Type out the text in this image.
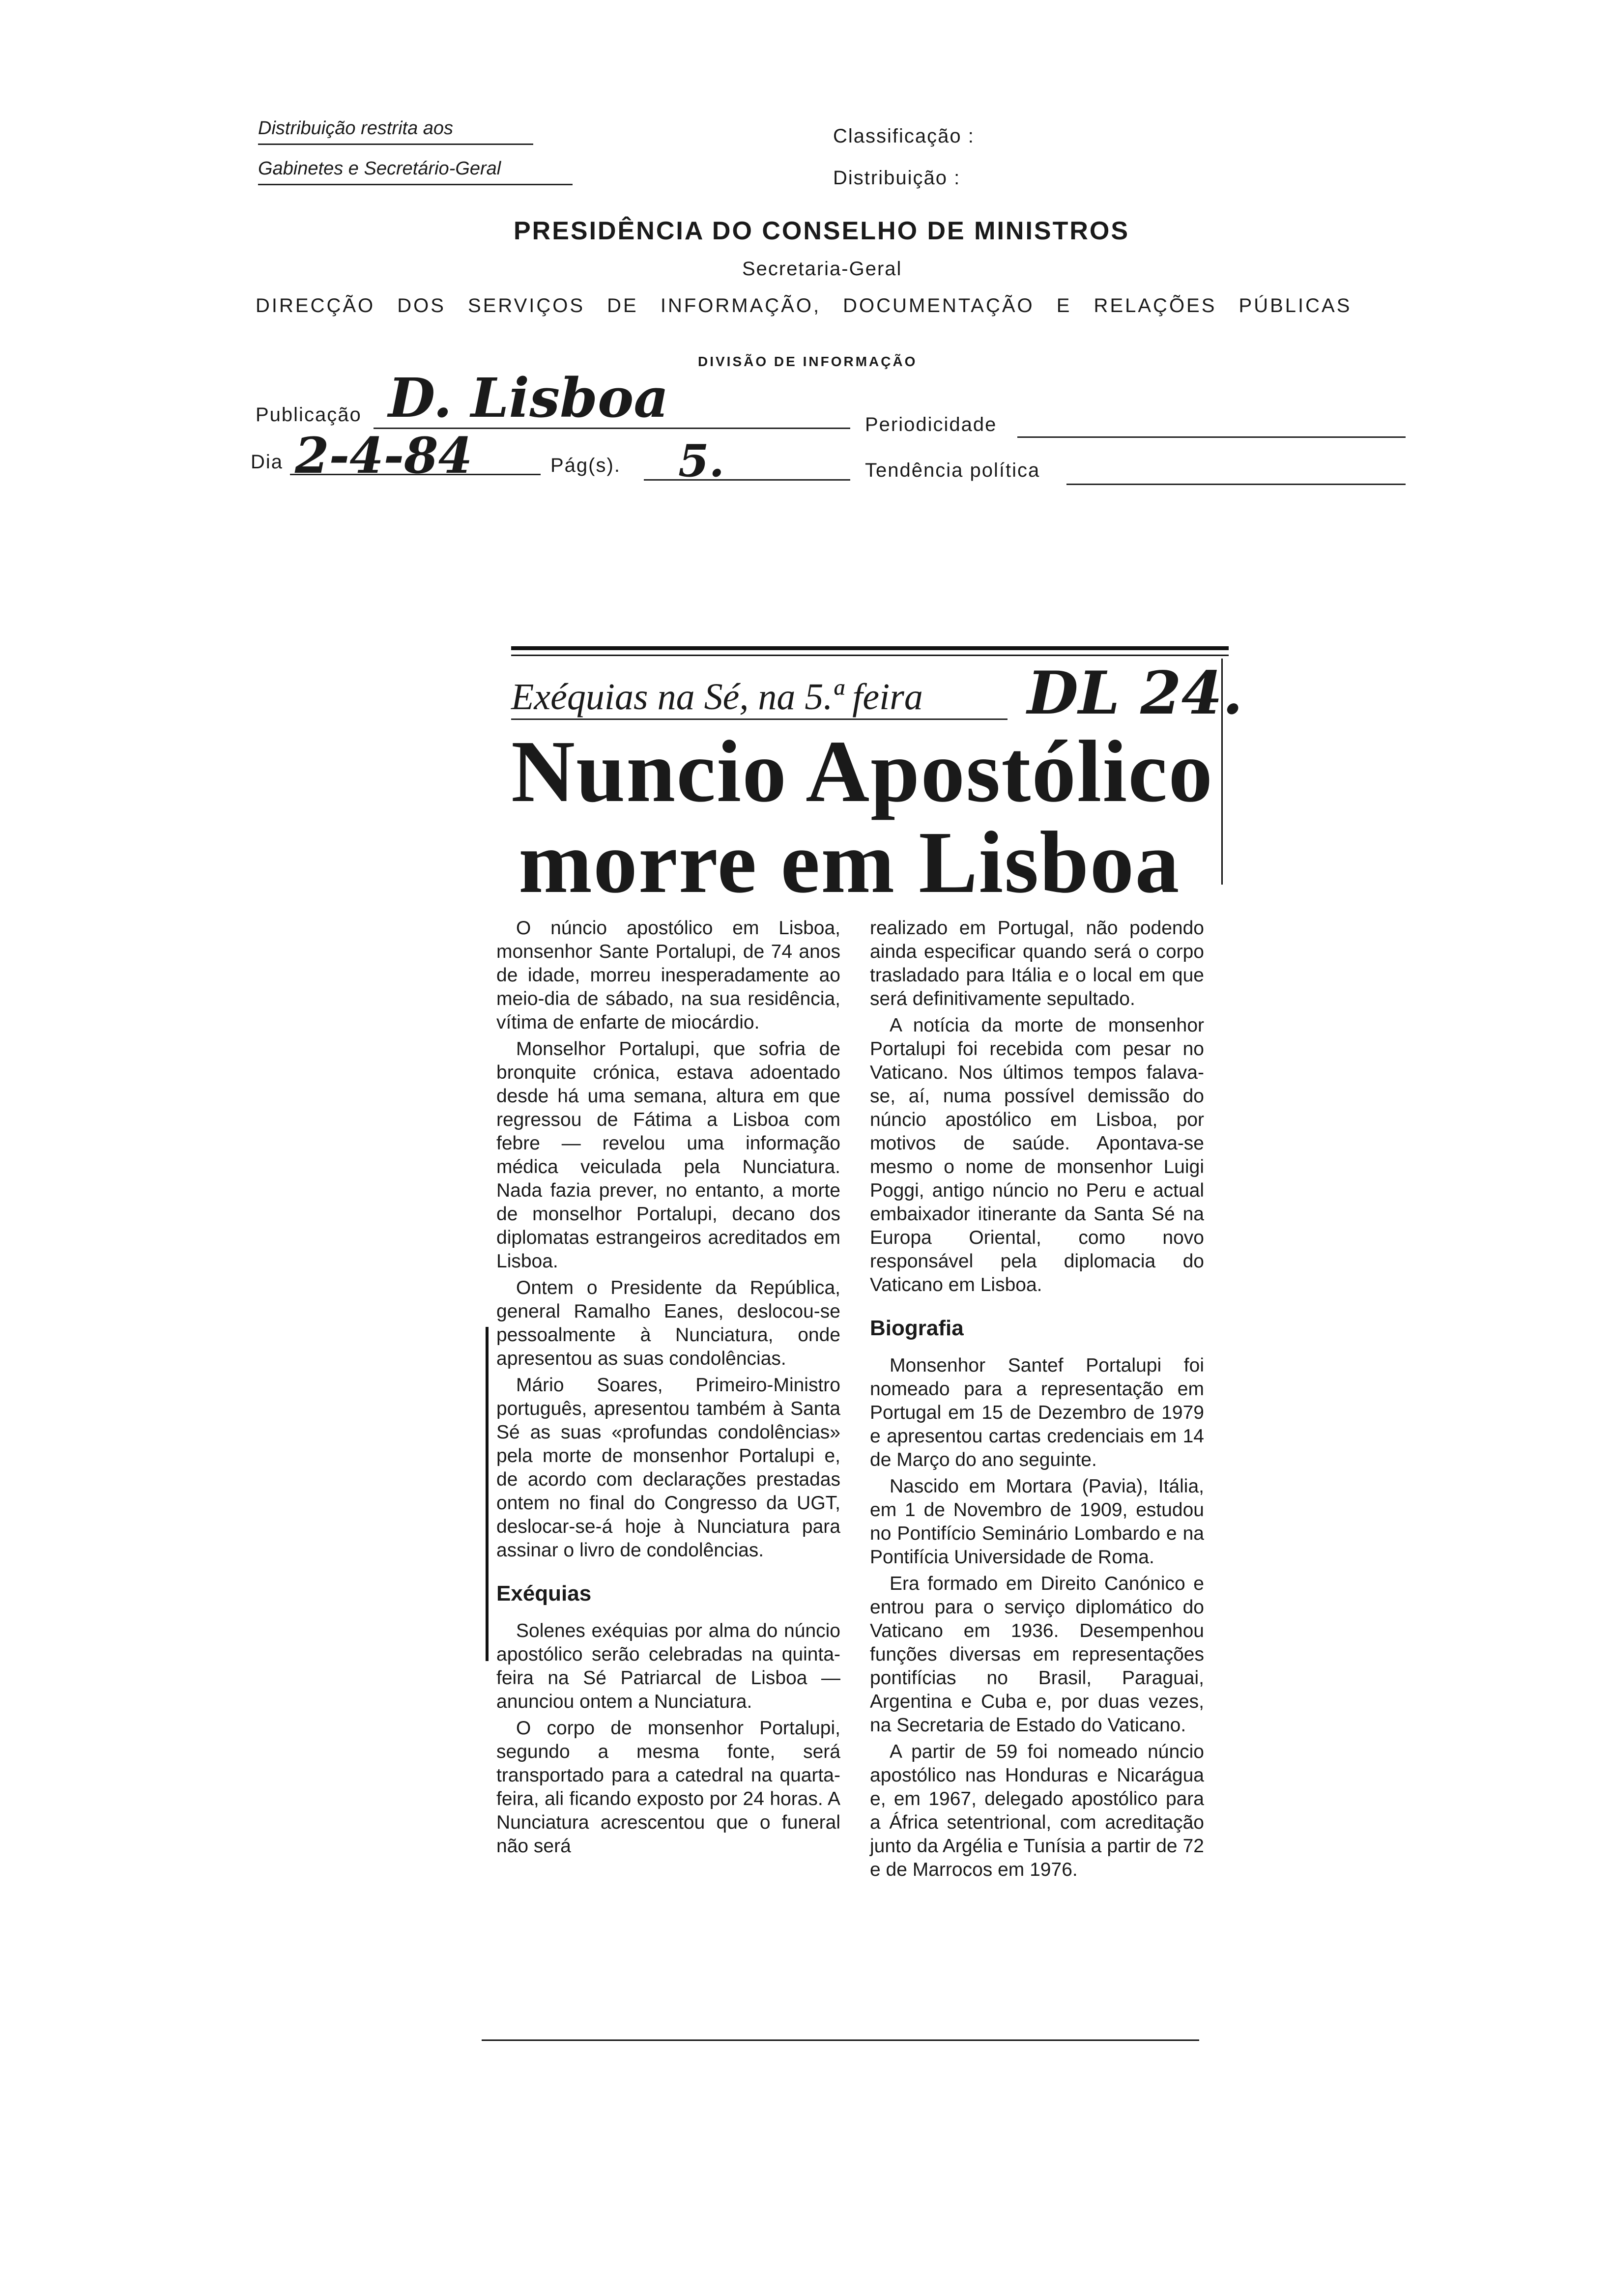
Distribuição restrita aos
Gabinetes e Secretário-Geral
Classificação :
Distribuição :
PRESIDÊNCIA DO CONSELHO DE MINISTROS
Secretaria-Geral
DIRECÇÃO DOS SERVIÇOS DE INFORMAÇÃO, DOCUMENTAÇÃO E RELAÇÕES PÚBLICAS
DIVISÃO DE INFORMAÇÃO
Publicação D. Lisboa	Periodicidade
Dia 2-4-84	Pág(s). 5.	Tendência política
Exéquias na Sé, na 5.ª feira DL 24.
Nuncio Apostólico
morre em Lisboa

O núncio apostólico em Lisboa, monsenhor Sante Portalupi, de 74 anos de idade, morreu inesperadamente ao meio-dia de sábado, na sua residência, vítima de enfarte de miocárdio.

Monselhor Portalupi, que sofria de bronquite crónica, estava adoentado desde há uma semana, altura em que regressou de Fátima a Lisboa com febre — revelou uma informação médica veiculada pela Nunciatura. Nada fazia prever, no entanto, a morte de monselhor Portalupi, decano dos diplomatas estrangeiros acreditados em Lisboa.

Ontem o Presidente da República, general Ramalho Eanes, deslocou-se pessoalmente à Nunciatura, onde apresentou as suas condolências.

Mário Soares, Primeiro-Ministro português, apresentou também à Santa Sé as suas «profundas condolências» pela morte de monsenhor Portalupi e, de acordo com declarações prestadas ontem no final do Congresso da UGT, deslocar-se-á hoje à Nunciatura para assinar o livro de condolências.

Exéquias

Solenes exéquias por alma do núncio apostólico serão celebradas na quinta-feira na Sé Patriarcal de Lisboa — anunciou ontem a Nunciatura.

O corpo de monsenhor Portalupi, segundo a mesma fonte, será transportado para a catedral na quarta-feira, ali ficando exposto por 24 horas. A Nunciatura acrescentou que o funeral não será

realizado em Portugal, não podendo ainda especificar quando será o corpo trasladado para Itália e o local em que será definitivamente sepultado.

A notícia da morte de monsenhor Portalupi foi recebida com pesar no Vaticano. Nos últimos tempos falava-se, aí, numa possível demissão do núncio apostólico em Lisboa, por motivos de saúde. Apontava-se mesmo o nome de monsenhor Luigi Poggi, antigo núncio no Peru e actual embaixador itinerante da Santa Sé na Europa Oriental, como novo responsável pela diplomacia do Vaticano em Lisboa.

Biografia

Monsenhor Santef Portalupi foi nomeado para a representação em Portugal em 15 de Dezembro de 1979 e apresentou cartas credenciais em 14 de Março do ano seguinte.

Nascido em Mortara (Pavia), Itália, em 1 de Novembro de 1909, estudou no Pontifício Seminário Lombardo e na Pontifícia Universidade de Roma.

Era formado em Direito Canónico e entrou para o serviço diplomático do Vaticano em 1936. Desempenhou funções diversas em representações pontifícias no Brasil, Paraguai, Argentina e Cuba e, por duas vezes, na Secretaria de Estado do Vaticano.

A partir de 59 foi nomeado núncio apostólico nas Honduras e Nicarágua e, em 1967, delegado apostólico para a África setentrional, com acreditação junto da Argélia e Tunísia a partir de 72 e de Marrocos em 1976.
